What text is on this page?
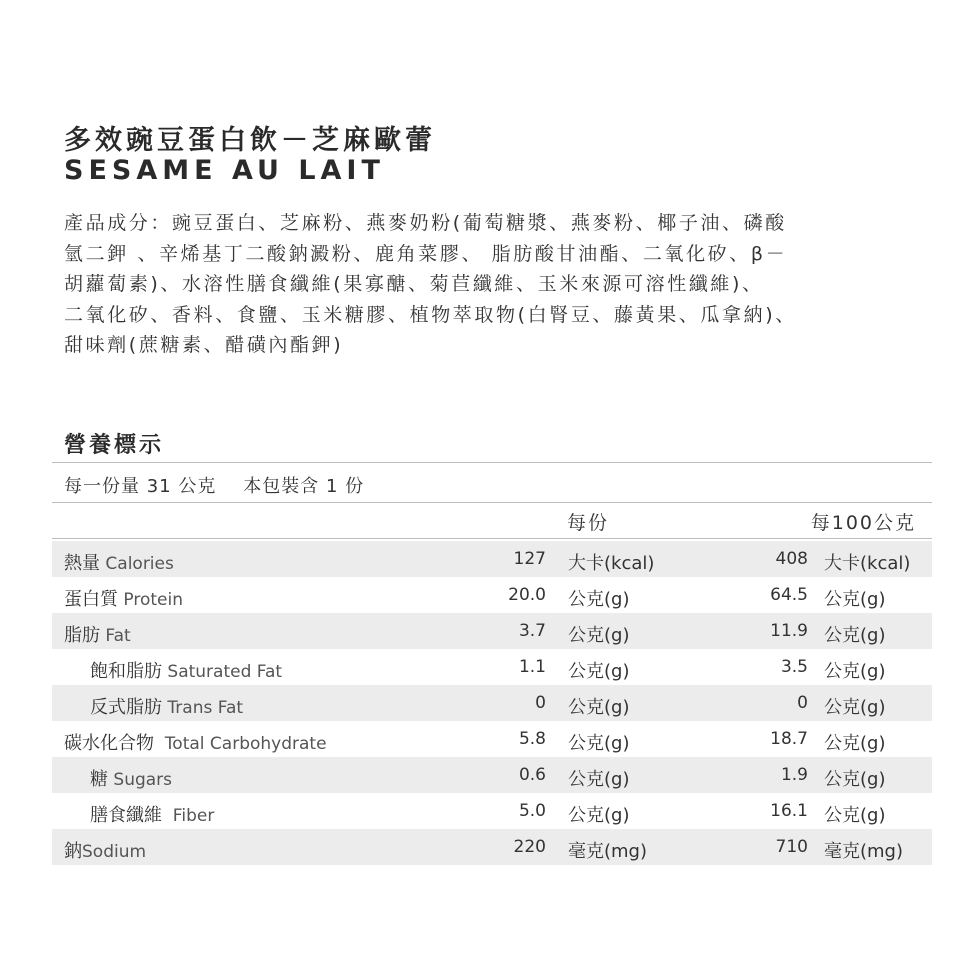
多效豌豆蛋白飲－芝麻歐蕾
SESAME AU LAIT
產品成分：豌豆蛋白、芝麻粉、燕麥奶粉(葡萄糖漿、燕麥粉、椰子油、磷酸
氫二鉀 、辛烯基丁二酸鈉澱粉、鹿角菜膠、 脂肪酸甘油酯、二氧化矽、β－
胡蘿蔔素)、水溶性膳食纖維(果寡醣、菊苣纖維、玉米來源可溶性纖維)、
二氧化矽、香料、食鹽、玉米糖膠、植物萃取物(白腎豆、藤黃果、瓜拿納)、
甜味劑(蔗糖素、醋磺內酯鉀)
營養標示
每一份量 31 公克    本包裝含 1 份
每份	每100公克
熱量 Calories	127 大卡(kcal)	408 大卡(kcal)
蛋白質 Protein	20.0 公克(g)	64.5 公克(g)
脂肪 Fat	3.7 公克(g)	11.9 公克(g)
飽和脂肪 Saturated Fat	1.1 公克(g)	3.5 公克(g)
反式脂肪 Trans Fat	0 公克(g)	0 公克(g)
碳水化合物  Total Carbohydrate	5.8 公克(g)	18.7 公克(g)
糖 Sugars	0.6 公克(g)	1.9 公克(g)
膳食纖維  Fiber	5.0 公克(g)	16.1 公克(g)
鈉Sodium	220 毫克(mg)	710 毫克(mg)
